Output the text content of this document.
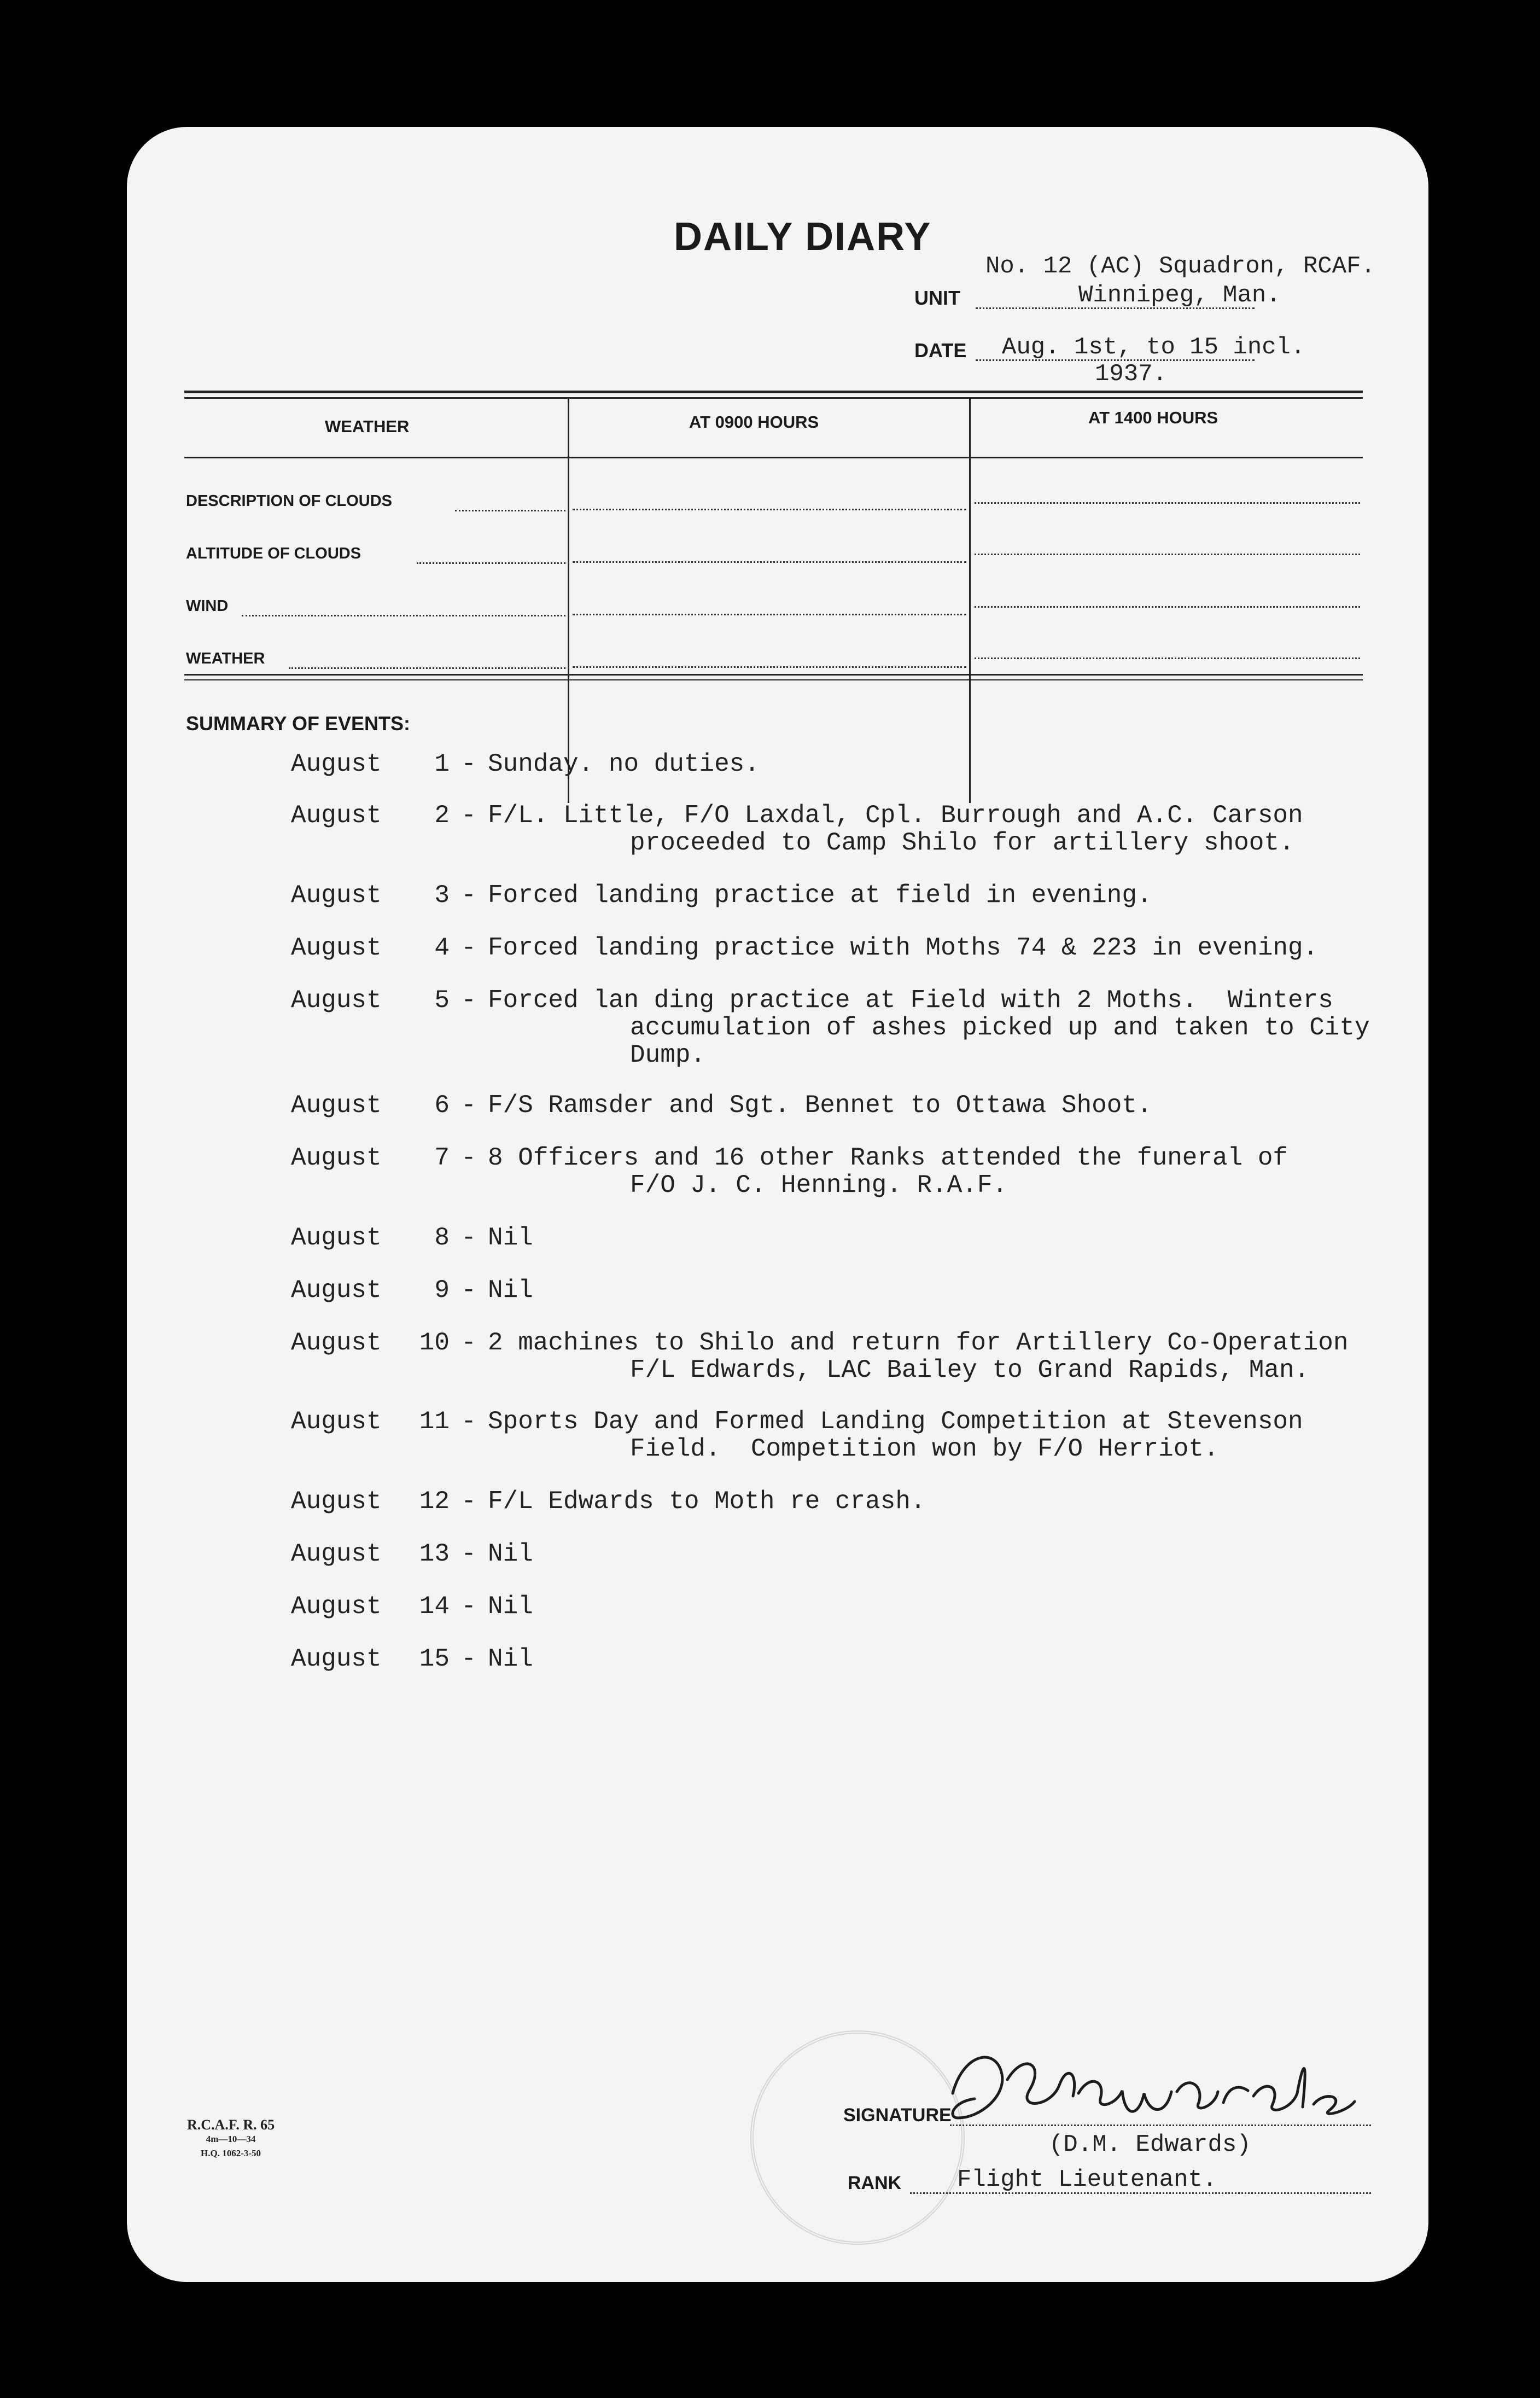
DAILY DIARY
No. 12 (AC) Squadron, RCAF.
UNIT	Winnipeg, Man.
DATE Aug. 1st, to 15 incl.
1937.
WEATHER	AT 0900 HOURS	AT 1400 HOURS
DESCRIPTION OF CLOUDS
ALTITUDE OF CLOUDS
WIND
WEATHER
SUMMARY OF EVENTS:
August 1 - Sunday. no duties.
August 2 - F/L. Little, F/O Laxdal, Cpl. Burrough and A.C. Carson
proceeded to Camp Shilo for artillery shoot.
August 3 - Forced landing practice at field in evening.
August 4 - Forced landing practice with Moths 74 & 223 in evening.
August 5 - Forced lan ding practice at Field with 2 Moths.  Winters
accumulation of ashes picked up and taken to City
Dump.
August 6 - F/S Ramsder and Sgt. Bennet to Ottawa Shoot.
August 7 - 8 Officers and 16 other Ranks attended the funeral of
F/O J. C. Henning. R.A.F.
August 8 - Nil
August 9 - Nil
August 10 - 2 machines to Shilo and return for Artillery Co-Operation
F/L Edwards, LAC Bailey to Grand Rapids, Man.
August 11 - Sports Day and Formed Landing Competition at Stevenson
Field.  Competition won by F/O Herriot.
August 12 - F/L Edwards to Moth re crash.
August 13 - Nil
August 14 - Nil
August 15 - Nil
SIGNATURE
(D.M. Edwards)
RANK Flight Lieutenant.
R.C.A.F. R. 65
4m—10—34
H.Q. 1062-3-50
